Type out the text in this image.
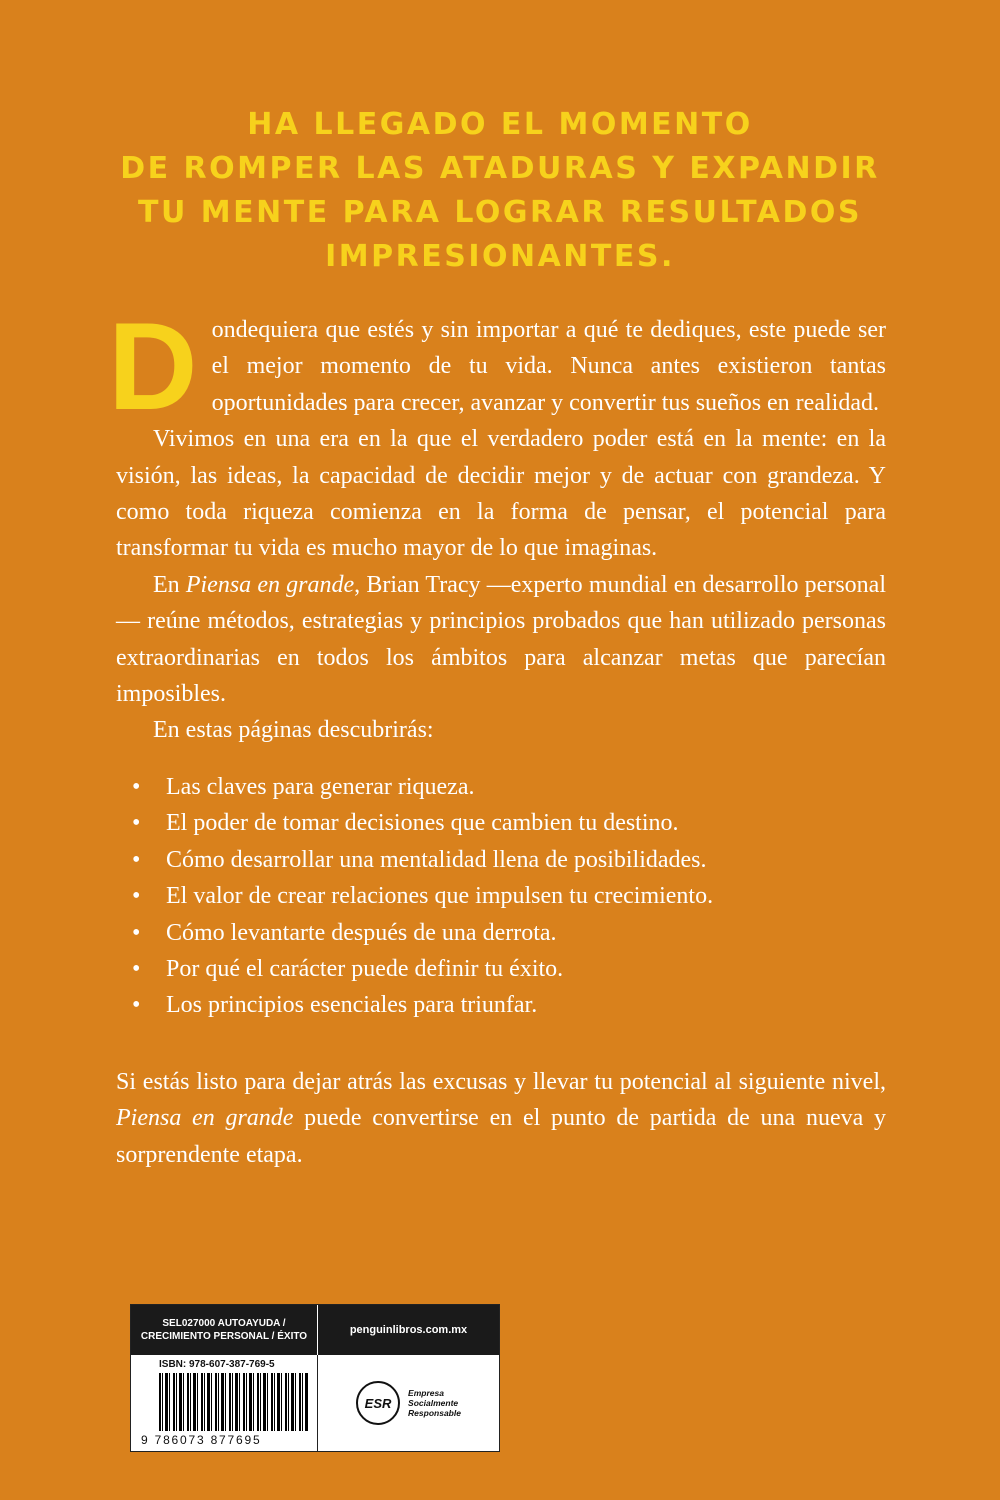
HA LLEGADO EL MOMENTO
DE ROMPER LAS ATADURAS Y EXPANDIR
TU MENTE PARA LOGRAR RESULTADOS
IMPRESIONANTES.

Dondequiera que estés y sin importar a qué te dediques, este puede ser el mejor momento de tu vida. Nunca antes existieron tantas oportunidades para crecer, avanzar y convertir tus sueños en realidad.

Vivimos en una era en la que el verdadero poder está en la mente: en la visión, las ideas, la capacidad de decidir mejor y de actuar con grandeza. Y como toda riqueza comienza en la forma de pensar, el potencial para transformar tu vida es mucho mayor de lo que imaginas.

En Piensa en grande, Brian Tracy —experto mundial en desarrollo personal— reúne métodos, estrategias y principios probados que han utilizado personas extraordinarias en todos los ámbitos para alcanzar metas que parecían imposibles.

En estas páginas descubrirás:

• Las claves para generar riqueza.
• El poder de tomar decisiones que cambien tu destino.
• Cómo desarrollar una mentalidad llena de posibilidades.
• El valor de crear relaciones que impulsen tu crecimiento.
• Cómo levantarte después de una derrota.
• Por qué el carácter puede definir tu éxito.
• Los principios esenciales para triunfar.

Si estás listo para dejar atrás las excusas y llevar tu potencial al siguiente nivel, Piensa en grande puede convertirse en el punto de partida de una nueva y sorprendente etapa.

SEL027000 AUTOAYUDA /
CRECIMIENTO PERSONAL / ÉXITO
penguinlibros.com.mx
ISBN: 978-607-387-769-5
9 786073 877695
ESR
Empresa
Socialmente
Responsable
